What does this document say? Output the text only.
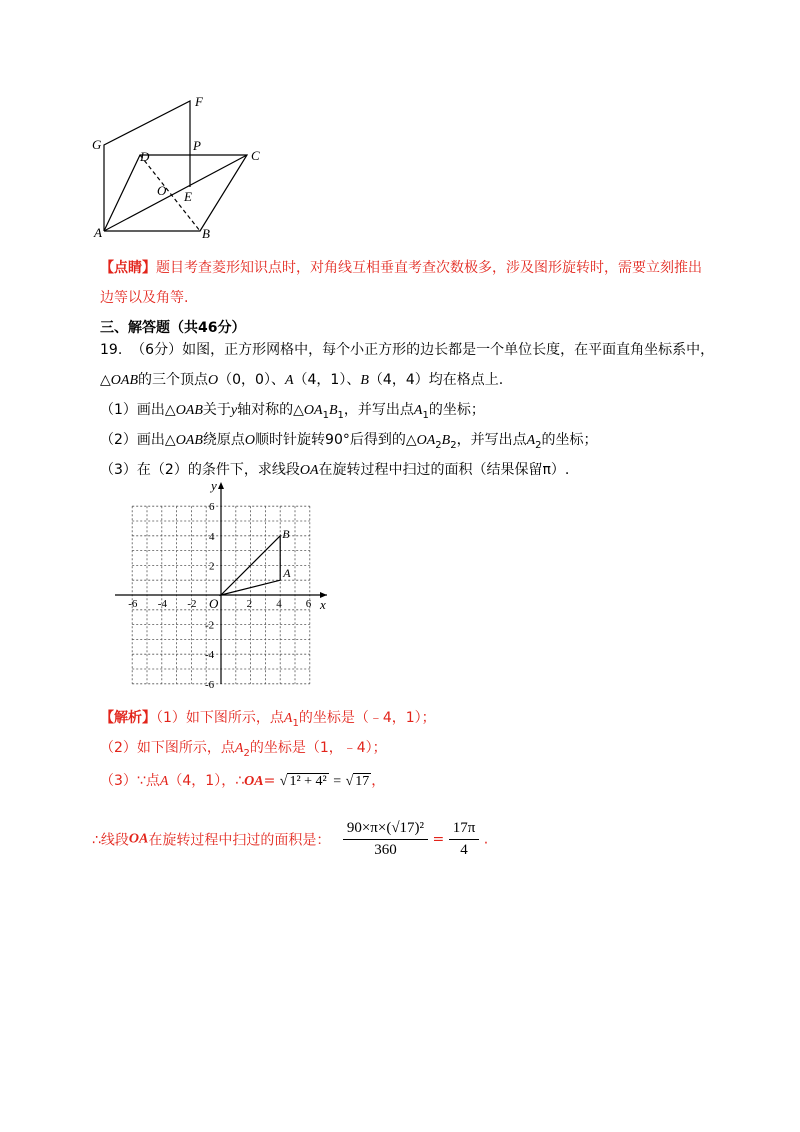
F
G
D
P
C
O E
A	B
【点睛】题目考查菱形知识点时，对角线互相垂直考查次数极多，涉及图形旋转时，需要立刻推出
边等以及角等.
三、解答题（共46分）
19. （6分）如图，正方形网格中，每个小正方形的边长都是一个单位长度，在平面直角坐标系中，
△OAB的三个顶点O（0，0）、A（4，1）、B（4，4）均在格点上.
（1）画出△OAB关于y轴对称的$\triangle OA_1B_1$，并写出点$A_1$的坐标；
（2）画出△OAB绕原点O顺时针旋转90°后得到的$\triangle OA_2B_2$，并写出点$A_2$的坐标；
（3）在（2）的条件下，求线段OA在旋转过程中扫过的面积（结果保留π）.
x
y
O
-6 -4 -2	2 4 6
6
4
2
-2
-4
-6
A
B
【解析】（1）如下图所示，点$A_1$的坐标是（﹣4，1）；
（2）如下图所示，点$A_2$的坐标是（1，﹣4）；
（3）∵点A（4，1），∴OA= √ 1² + 4² = √ 17 ，
∴线段OA在旋转过程中扫过的面积是： $\frac{\text{90×π×(√17)²}}{360} = \frac{17\pi}{4}$ .
